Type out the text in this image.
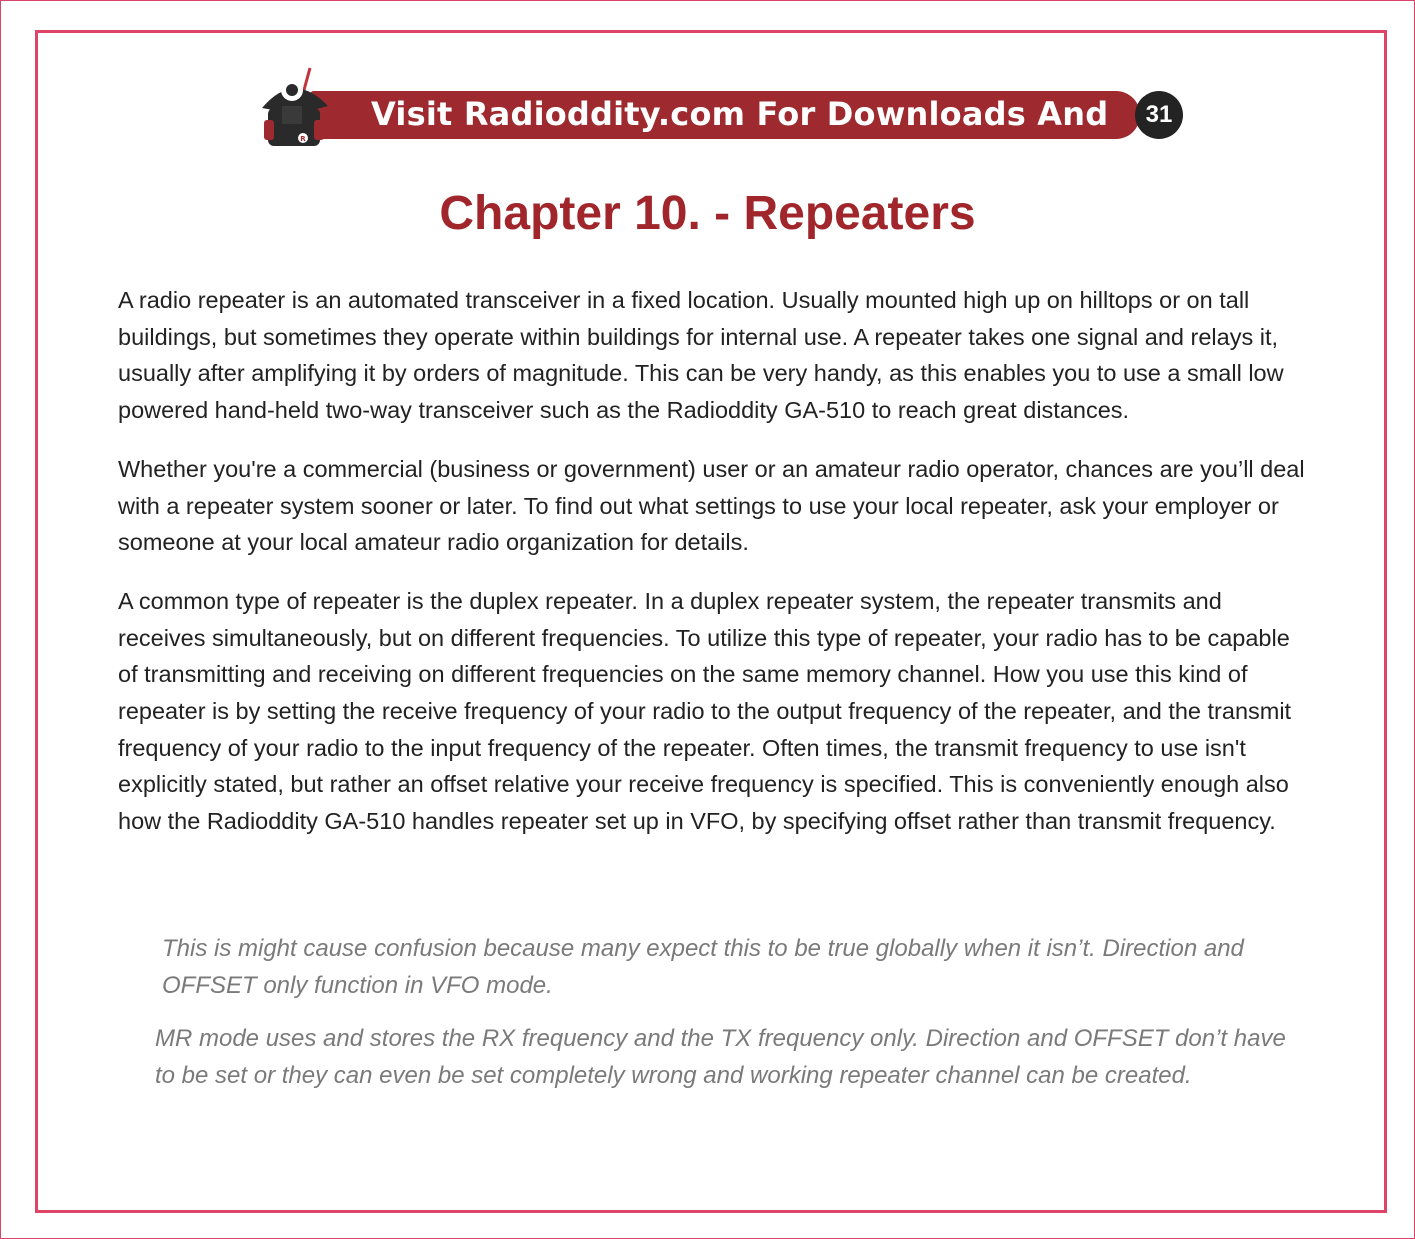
Visit Radioddity.com For Downloads And Help
31
R
Chapter 10. - Repeaters

A radio repeater is an automated transceiver in a fixed location. Usually mounted high up on hilltops or on tall buildings, but sometimes they operate within buildings for internal use. A repeater takes one signal and relays it, usually after amplifying it by orders of magnitude. This can be very handy, as this enables you to use a small low powered hand-held two-way transceiver such as the Radioddity GA-510 to reach great distances.

Whether you're a commercial (business or government) user or an amateur radio operator, chances are you’ll deal with a repeater system sooner or later. To find out what settings to use your local repeater, ask your employer or someone at your local amateur radio organization for details.

A common type of repeater is the duplex repeater. In a duplex repeater system, the repeater transmits and receives simultaneously, but on different frequencies. To utilize this type of repeater, your radio has to be capable of transmitting and receiving on different frequencies on the same memory channel. How you use this kind of repeater is by setting the receive frequency of your radio to the output frequency of the repeater, and the transmit frequency of your radio to the input frequency of the repeater. Often times, the transmit frequency to use isn't explicitly stated, but rather an offset relative your receive frequency is specified. This is conveniently enough also how the Radioddity GA-510 handles repeater set up in VFO, by specifying offset rather than transmit frequency.

This is might cause confusion because many expect this to be true globally when it isn’t. Direction and OFFSET only function in VFO mode.

MR mode uses and stores the RX frequency and the TX frequency only. Direction and OFFSET don’t have to be set or they can even be set completely wrong and working repeater channel can be created.
